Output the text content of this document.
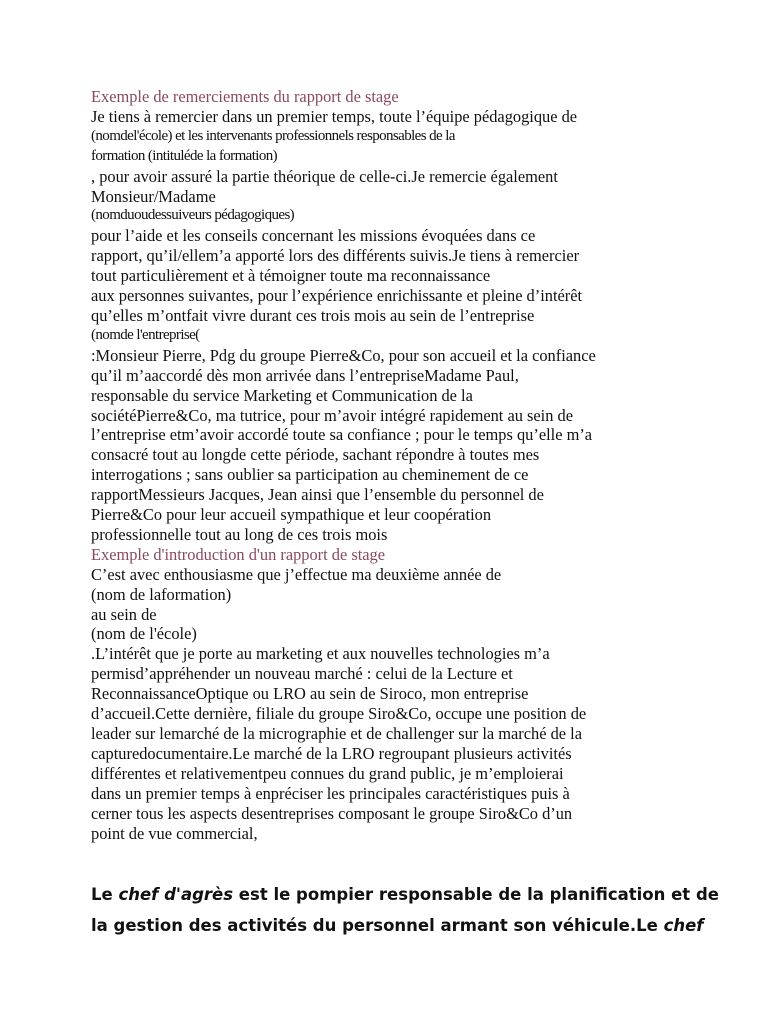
Exemple de remerciements du rapport de stage
Je tiens à remercier dans un premier temps, toute l’équipe pédagogique de
(nomdel'école) et les intervenants professionnels responsables de la
formation (intituléde la formation)
, pour avoir assuré la partie théorique de celle-ci.Je remercie également
Monsieur/Madame
(nomduoudessuiveurs pédagogiques)
pour l’aide et les conseils concernant les missions évoquées dans ce
rapport, qu’il/ellem’a apporté lors des différents suivis.Je tiens à remercier
tout particulièrement et à témoigner toute ma reconnaissance
aux personnes suivantes, pour l’expérience enrichissante et pleine d’intérêt
qu’elles m’ontfait vivre durant ces trois mois au sein de l’entreprise
(nomde l'entreprise(
:Monsieur Pierre, Pdg du groupe Pierre&Co, pour son accueil et la confiance
qu’il m’aaccordé dès mon arrivée dans l’entrepriseMadame Paul,
responsable du service Marketing et Communication de la
sociétéPierre&Co, ma tutrice, pour m’avoir intégré rapidement au sein de
l’entreprise etm’avoir accordé toute sa confiance ; pour le temps qu’elle m’a
consacré tout au longde cette période, sachant répondre à toutes mes
interrogations ; sans oublier sa participation au cheminement de ce
rapportMessieurs Jacques, Jean ainsi que l’ensemble du personnel de
Pierre&Co pour leur accueil sympathique et leur coopération
professionnelle tout au long de ces trois mois
Exemple d'introduction d'un rapport de stage
C’est avec enthousiasme que j’effectue ma deuxième année de
(nom de laformation)
au sein de
(nom de l'école)
.L’intérêt que je porte au marketing et aux nouvelles technologies m’a
permisd’appréhender un nouveau marché : celui de la Lecture et
ReconnaissanceOptique ou LRO au sein de Siroco, mon entreprise
d’accueil.Cette dernière, filiale du groupe Siro&Co, occupe une position de
leader sur lemarché de la micrographie et de challenger sur la marché de la
capturedocumentaire.Le marché de la LRO regroupant plusieurs activités
différentes et relativementpeu connues du grand public, je m’emploierai
dans un premier temps à enpréciser les principales caractéristiques puis à
cerner tous les aspects desentreprises composant le groupe Siro&Co d’un
point de vue commercial,
Le chef d'agrès est le pompier responsable de la planification et de
la gestion des activités du personnel armant son véhicule.Le chef
